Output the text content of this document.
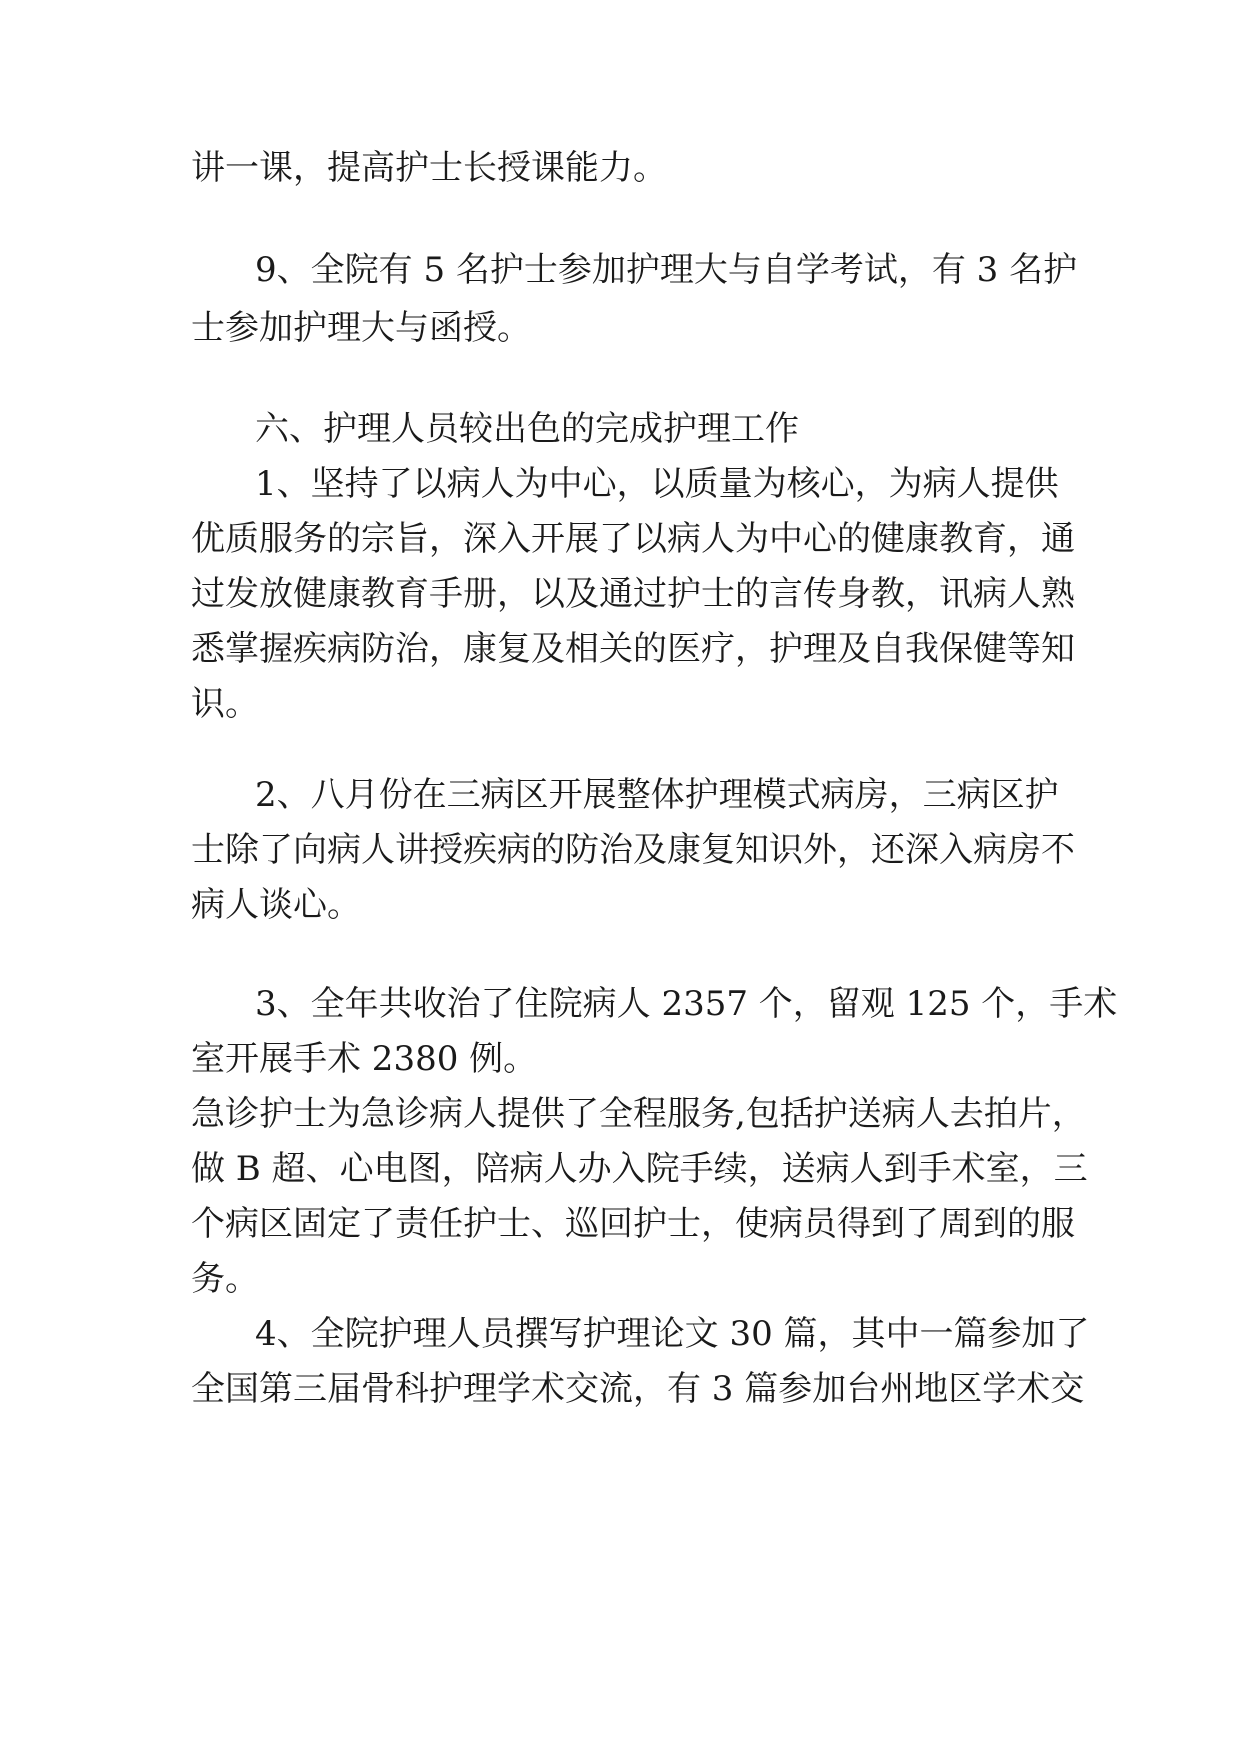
讲一课，提高护士长授课能力。

9、全院有 5 名护士参加护理大与自学考试，有 3 名护

士参加护理大与函授。

六、护理人员较出色的完成护理工作

1、坚持了以病人为中心，以质量为核心，为病人提供

优质服务的宗旨，深入开展了以病人为中心的健康教育，通

过发放健康教育手册，以及通过护士的言传身教，讯病人熟

悉掌握疾病防治，康复及相关的医疗，护理及自我保健等知

识。

2、八月份在三病区开展整体护理模式病房，三病区护

士除了向病人讲授疾病的防治及康复知识外，还深入病房不

病人谈心。

3、全年共收治了住院病人 2357 个，留观 125 个，手术

室开展手术 2380 例。

急诊护士为急诊病人提供了全程服务,包括护送病人去拍片，

做 B 超、心电图，陪病人办入院手续，送病人到手术室，三

个病区固定了责任护士、巡回护士，使病员得到了周到的服

务。

4、全院护理人员撰写护理论文 30 篇，其中一篇参加了

全国第三届骨科护理学术交流，有 3 篇参加台州地区学术交
